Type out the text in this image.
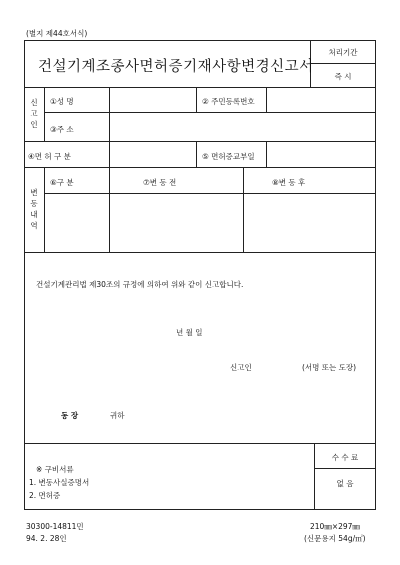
(별지 제44호서식)
건설기계조종사면허증기재사항변경신고서
처리기간
즉 시
신고인
①성 명	② 주민등록번호
③주 소
④면 허 구 분	⑤ 면허증교부일
변동내역
⑥구 분	⑦변 동 전	⑧변 동 후
건설기계관리법 제30조의 규정에 의하여 위와 같이 신고합니다.
년 월 일
신고인	(서명 또는 도장)
동 장	귀하
※ 구비서류
1. 변동사실증명서
2. 면허증
수 수 료
없 음
30300-14811민
94. 2. 28인
210㎜×297㎜
(신문용지 54g/㎡)
